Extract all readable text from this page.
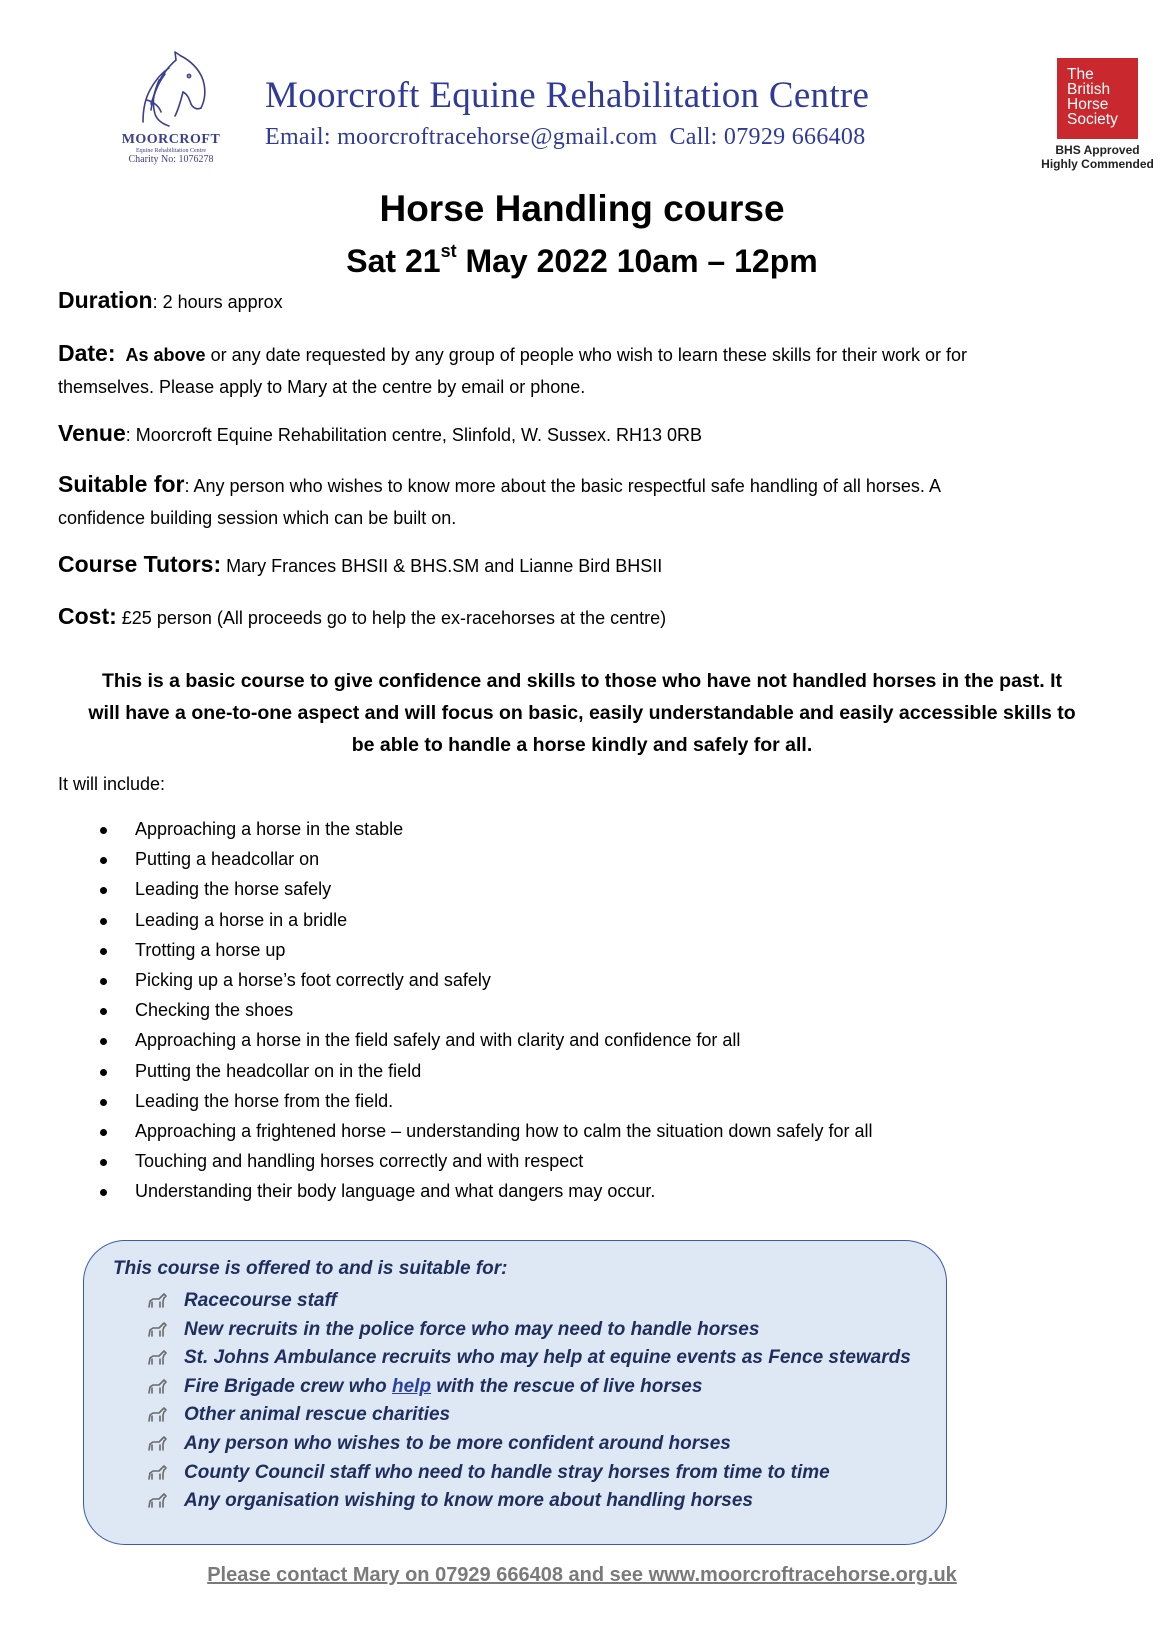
MOORCROFT
Equine Rehabilitation Centre
Charity No: 1076278
Moorcroft Equine Rehabilitation Centre
Email: moorcroftracehorse@gmail.com Call: 07929 666408
The
British
Horse
Society
BHS Approved
Highly Commended
Horse Handling course
Sat 21st May 2022 10am – 12pm
Duration: 2 hours approx
Date: As above or any date requested by any group of people who wish to learn these skills for their work or for
themselves. Please apply to Mary at the centre by email or phone.
Venue: Moorcroft Equine Rehabilitation centre, Slinfold, W. Sussex. RH13 0RB
Suitable for: Any person who wishes to know more about the basic respectful safe handling of all horses. A
confidence building session which can be built on.
Course Tutors: Mary Frances BHSII & BHS.SM and Lianne Bird BHSII
Cost: £25 person (All proceeds go to help the ex-racehorses at the centre)
This is a basic course to give confidence and skills to those who have not handled horses in the past. It
will have a one-to-one aspect and will focus on basic, easily understandable and easily accessible skills to
be able to handle a horse kindly and safely for all.
It will include:
Approaching a horse in the stable
Putting a headcollar on
Leading the horse safely
Leading a horse in a bridle
Trotting a horse up
Picking up a horse’s foot correctly and safely
Checking the shoes
Approaching a horse in the field safely and with clarity and confidence for all
Putting the headcollar on in the field
Leading the horse from the field.
Approaching a frightened horse – understanding how to calm the situation down safely for all
Touching and handling horses correctly and with respect
Understanding their body language and what dangers may occur.
This course is offered to and is suitable for:
Racecourse staff
New recruits in the police force who may need to handle horses
St. Johns Ambulance recruits who may help at equine events as Fence stewards
Fire Brigade crew who help with the rescue of live horses
Other animal rescue charities
Any person who wishes to be more confident around horses
County Council staff who need to handle stray horses from time to time
Any organisation wishing to know more about handling horses
Please contact Mary on 07929 666408 and see www.moorcroftracehorse.org.uk
